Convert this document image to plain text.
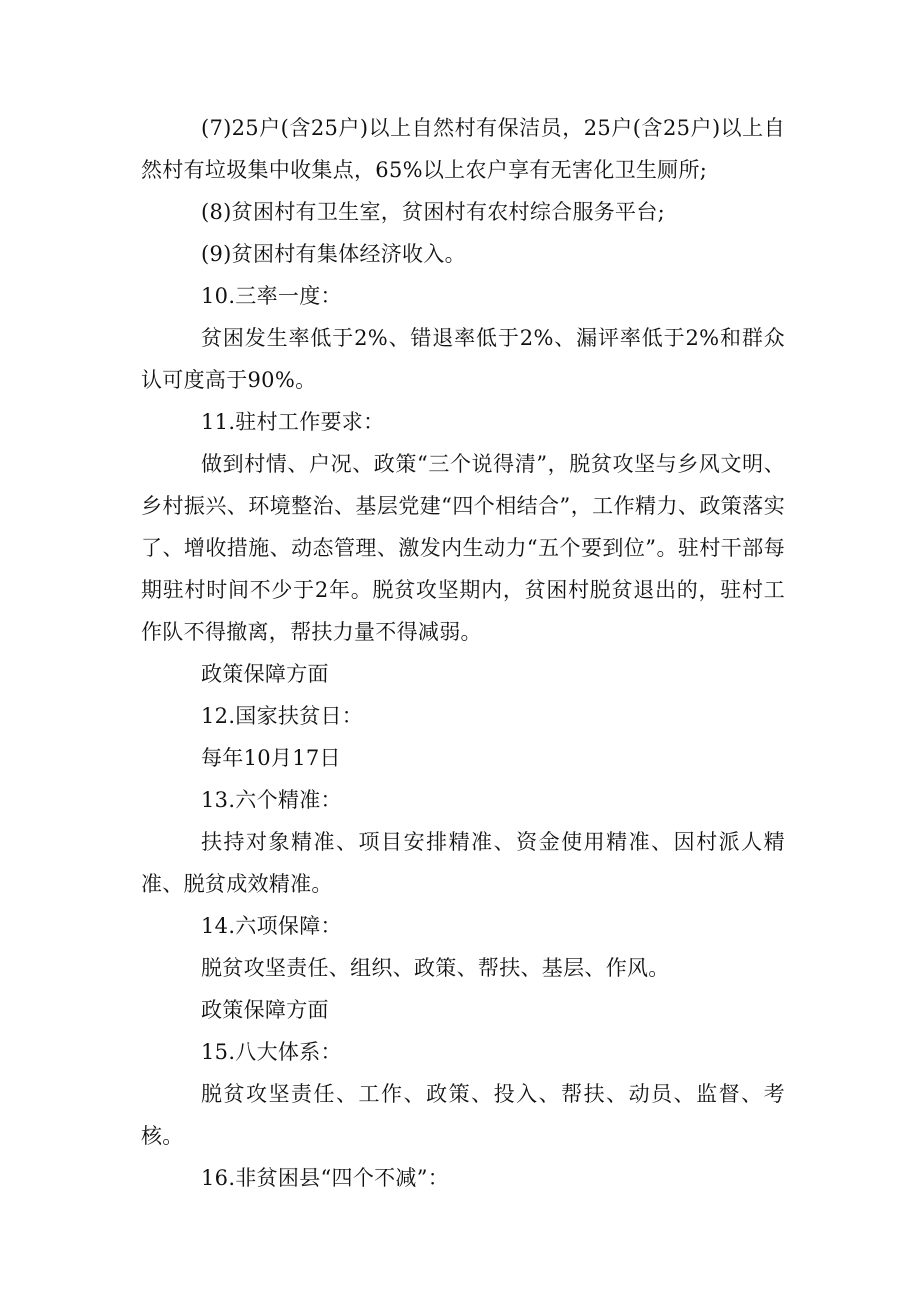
(7)25户(含25户)以上自然村有保洁员，25户(含25户)以上自然村有垃圾集中收集点，65%以上农户享有无害化卫生厕所;

(8)贫困村有卫生室，贫困村有农村综合服务平台;

(9)贫困村有集体经济收入。

10.三率一度：

贫困发生率低于2%、错退率低于2%、漏评率低于2%和群众认可度高于90%。

11.驻村工作要求：

做到村情、户况、政策“三个说得清”，脱贫攻坚与乡风文明、乡村振兴、环境整治、基层党建“四个相结合”，工作精力、政策落实了、增收措施、动态管理、激发内生动力“五个要到位”。驻村干部每期驻村时间不少于2年。脱贫攻坚期内，贫困村脱贫退出的，驻村工作队不得撤离，帮扶力量不得减弱。

政策保障方面

12.国家扶贫日：

每年10月17日

13.六个精准：

扶持对象精准、项目安排精准、资金使用精准、因村派人精准、脱贫成效精准。

14.六项保障：

脱贫攻坚责任、组织、政策、帮扶、基层、作风。

政策保障方面

15.八大体系：

脱贫攻坚责任、工作、政策、投入、帮扶、动员、监督、考核。

16.非贫困县“四个不减”：
